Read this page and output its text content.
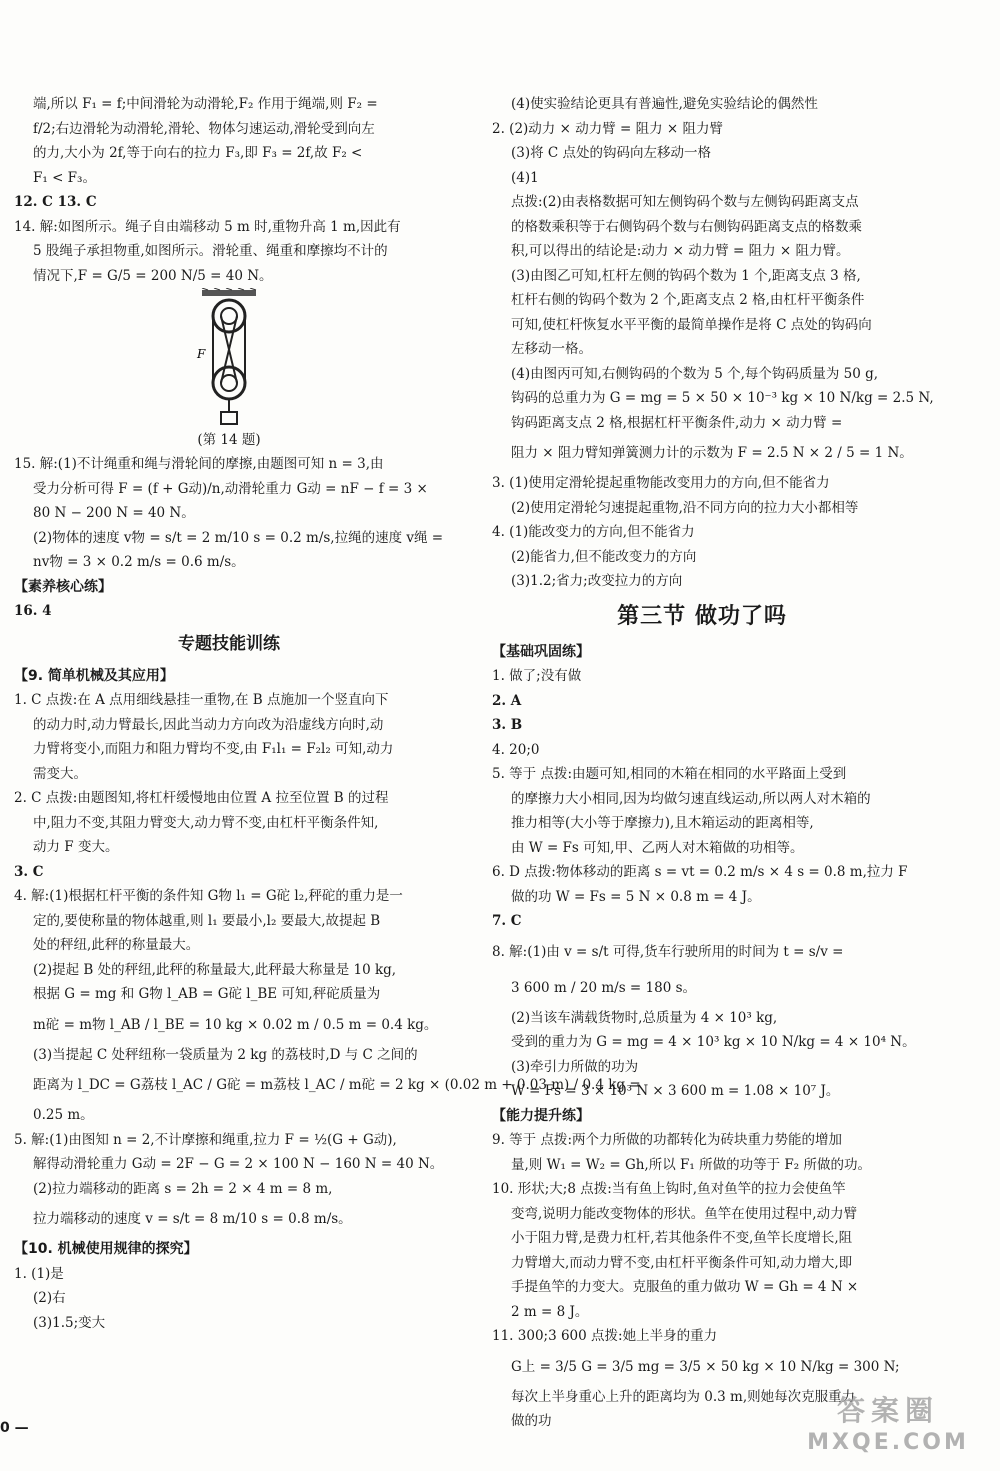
端,所以 F₁ = f;中间滑轮为动滑轮,F₂ 作用于绳端,则 F₂ =
f/2;右边滑轮为动滑轮,滑轮、物体匀速运动,滑轮受到向左
的力,大小为 2f,等于向右的拉力 F₃,即 F₃ = 2f,故 F₂ <
F₁ < F₃。
12. C 13. C
14. 解:如图所示。绳子自由端移动 5 m 时,重物升高 1 m,因此有
5 股绳子承担物重,如图所示。滑轮重、绳重和摩擦均不计的
情况下,F = G/5 = 200 N/5 = 40 N。
F
(第 14 题)
15. 解:(1)不计绳重和绳与滑轮间的摩擦,由题图可知 n = 3,由
受力分析可得 F = (f + G动)/n,动滑轮重力 G动 = nF − f = 3 ×
80 N − 200 N = 40 N。
(2)物体的速度 v物 = s/t = 2 m/10 s = 0.2 m/s,拉绳的速度 v绳 =
nv物 = 3 × 0.2 m/s = 0.6 m/s。
【素养核心练】
16. 4
专题技能训练
【9. 简单机械及其应用】
1. C 点拨:在 A 点用细线悬挂一重物,在 B 点施加一个竖直向下
的动力时,动力臂最长,因此当动力方向改为沿虚线方向时,动
力臂将变小,而阻力和阻力臂均不变,由 F₁l₁ = F₂l₂ 可知,动力
需变大。
2. C 点拨:由题图知,将杠杆缓慢地由位置 A 拉至位置 B 的过程
中,阻力不变,其阻力臂变大,动力臂不变,由杠杆平衡条件知,
动力 F 变大。
3. C
4. 解:(1)根据杠杆平衡的条件知 G物 l₁ = G砣 l₂,秤砣的重力是一
定的,要使称量的物体越重,则 l₁ 要最小,l₂ 要最大,故提起 B
处的秤纽,此秤的称量最大。
(2)提起 B 处的秤纽,此秤的称量最大,此秤最大称量是 10 kg,
根据 G = mg 和 G物 l_AB = G砣 l_BE 可知,秤砣质量为
m砣 = m物 l_AB / l_BE = 10 kg × 0.02 m / 0.5 m = 0.4 kg。
(3)当提起 C 处秤纽称一袋质量为 2 kg 的荔枝时,D 与 C 之间的
距离为 l_DC = G荔枝 l_AC / G砣 = m荔枝 l_AC / m砣 = 2 kg × (0.02 m + 0.03 m) / 0.4 kg =
0.25 m。
5. 解:(1)由图知 n = 2,不计摩擦和绳重,拉力 F = ½(G + G动),
解得动滑轮重力 G动 = 2F − G = 2 × 100 N − 160 N = 40 N。
(2)拉力端移动的距离 s = 2h = 2 × 4 m = 8 m,
拉力端移动的速度 v = s/t = 8 m/10 s = 0.8 m/s。
【10. 机械使用规律的探究】
1. (1)是
(2)右
(3)1.5;变大
(4)使实验结论更具有普遍性,避免实验结论的偶然性
2. (2)动力 × 动力臂 = 阻力 × 阻力臂
(3)将 C 点处的钩码向左移动一格
(4)1
点拨:(2)由表格数据可知左侧钩码个数与左侧钩码距离支点
的格数乘积等于右侧钩码个数与右侧钩码距离支点的格数乘
积,可以得出的结论是:动力 × 动力臂 = 阻力 × 阻力臂。
(3)由图乙可知,杠杆左侧的钩码个数为 1 个,距离支点 3 格,
杠杆右侧的钩码个数为 2 个,距离支点 2 格,由杠杆平衡条件
可知,使杠杆恢复水平平衡的最简单操作是将 C 点处的钩码向
左移动一格。
(4)由图丙可知,右侧钩码的个数为 5 个,每个钩码质量为 50 g,
钩码的总重力为 G = mg = 5 × 50 × 10⁻³ kg × 10 N/kg = 2.5 N,
钩码距离支点 2 格,根据杠杆平衡条件,动力 × 动力臂 =
阻力 × 阻力臂知弹簧测力计的示数为 F = 2.5 N × 2 / 5 = 1 N。
3. (1)使用定滑轮提起重物能改变用力的方向,但不能省力
(2)使用定滑轮匀速提起重物,沿不同方向的拉力大小都相等
4. (1)能改变力的方向,但不能省力
(2)能省力,但不能改变力的方向
(3)1.2;省力;改变拉力的方向
第三节 做功了吗
【基础巩固练】
1. 做了;没有做
2. A
3. B
4. 20;0
5. 等于 点拨:由题可知,相同的木箱在相同的水平路面上受到
的摩擦力大小相同,因为均做匀速直线运动,所以两人对木箱的
推力相等(大小等于摩擦力),且木箱运动的距离相等,
由 W = Fs 可知,甲、乙两人对木箱做的功相等。
6. D 点拨:物体移动的距离 s = vt = 0.2 m/s × 4 s = 0.8 m,拉力 F
做的功 W = Fs = 5 N × 0.8 m = 4 J。
7. C
8. 解:(1)由 v = s/t 可得,货车行驶所用的时间为 t = s/v =
3 600 m / 20 m/s = 180 s。
(2)当该车满载货物时,总质量为 4 × 10³ kg,
受到的重力为 G = mg = 4 × 10³ kg × 10 N/kg = 4 × 10⁴ N。
(3)牵引力所做的功为
W = Fs = 3 × 10³ N × 3 600 m = 1.08 × 10⁷ J。
【能力提升练】
9. 等于 点拨:两个力所做的功都转化为砖块重力势能的增加
量,则 W₁ = W₂ = Gh,所以 F₁ 所做的功等于 F₂ 所做的功。
10. 形状;大;8 点拨:当有鱼上钩时,鱼对鱼竿的拉力会使鱼竿
变弯,说明力能改变物体的形状。鱼竿在使用过程中,动力臂
小于阻力臂,是费力杠杆,若其他条件不变,鱼竿长度增长,阻
力臂增大,而动力臂不变,由杠杆平衡条件可知,动力增大,即
手提鱼竿的力变大。克服鱼的重力做功 W = Gh = 4 N ×
2 m = 8 J。
11. 300;3 600 点拨:她上半身的重力
G上 = 3/5 G = 3/5 mg = 3/5 × 50 kg × 10 N/kg = 300 N;
每次上半身重心上升的距离均为 0.3 m,则她每次克服重力
做的功
0 —
答案圈
MXQE.COM
